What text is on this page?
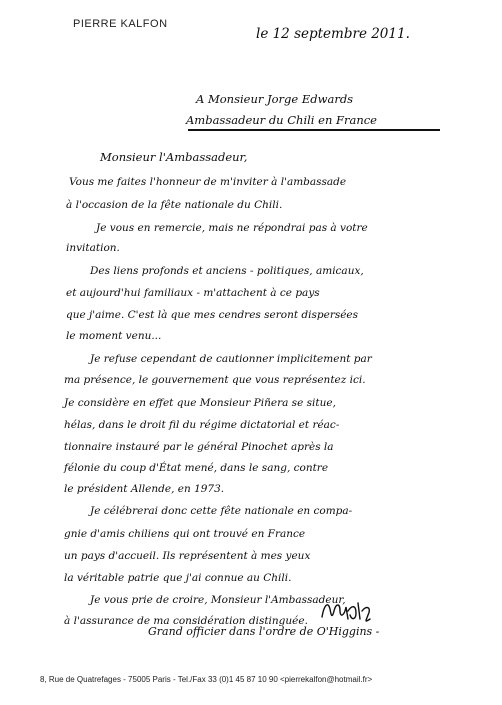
PIERRE KALFON
le 12 septembre 2011.
A Monsieur Jorge Edwards
Ambassadeur du Chili en France
Monsieur l'Ambassadeur,
Vous me faites l'honneur de m'inviter à l'ambassade
à l'occasion de la fête nationale du Chili.
Je vous en remercie, mais ne répondrai pas à votre
invitation.
Des liens profonds et anciens - politiques, amicaux,
et aujourd'hui familiaux - m'attachent à ce pays
que j'aime. C'est là que mes cendres seront dispersées
le moment venu...
Je refuse cependant de cautionner implicitement par
ma présence, le gouvernement que vous représentez ici.
Je considère en effet que Monsieur Piñera se situe,
hélas, dans le droit fil du régime dictatorial et réac-
tionnaire instauré par le général Pinochet après la
félonie du coup d'État mené, dans le sang, contre
le président Allende, en 1973.
Je célébrerai donc cette fête nationale en compa-
gnie d'amis chiliens qui ont trouvé en France
un pays d'accueil. Ils représentent à mes yeux
la véritable patrie que j'ai connue au Chili.
Je vous prie de croire, Monsieur l'Ambassadeur,
à l'assurance de ma considération distinguée.
Grand officier dans l'ordre de O'Higgins -
8, Rue de Quatrefages - 75005 Paris - Tel./Fax 33 (0)1 45 87 10 90 <pierrekalfon@hotmail.fr>
